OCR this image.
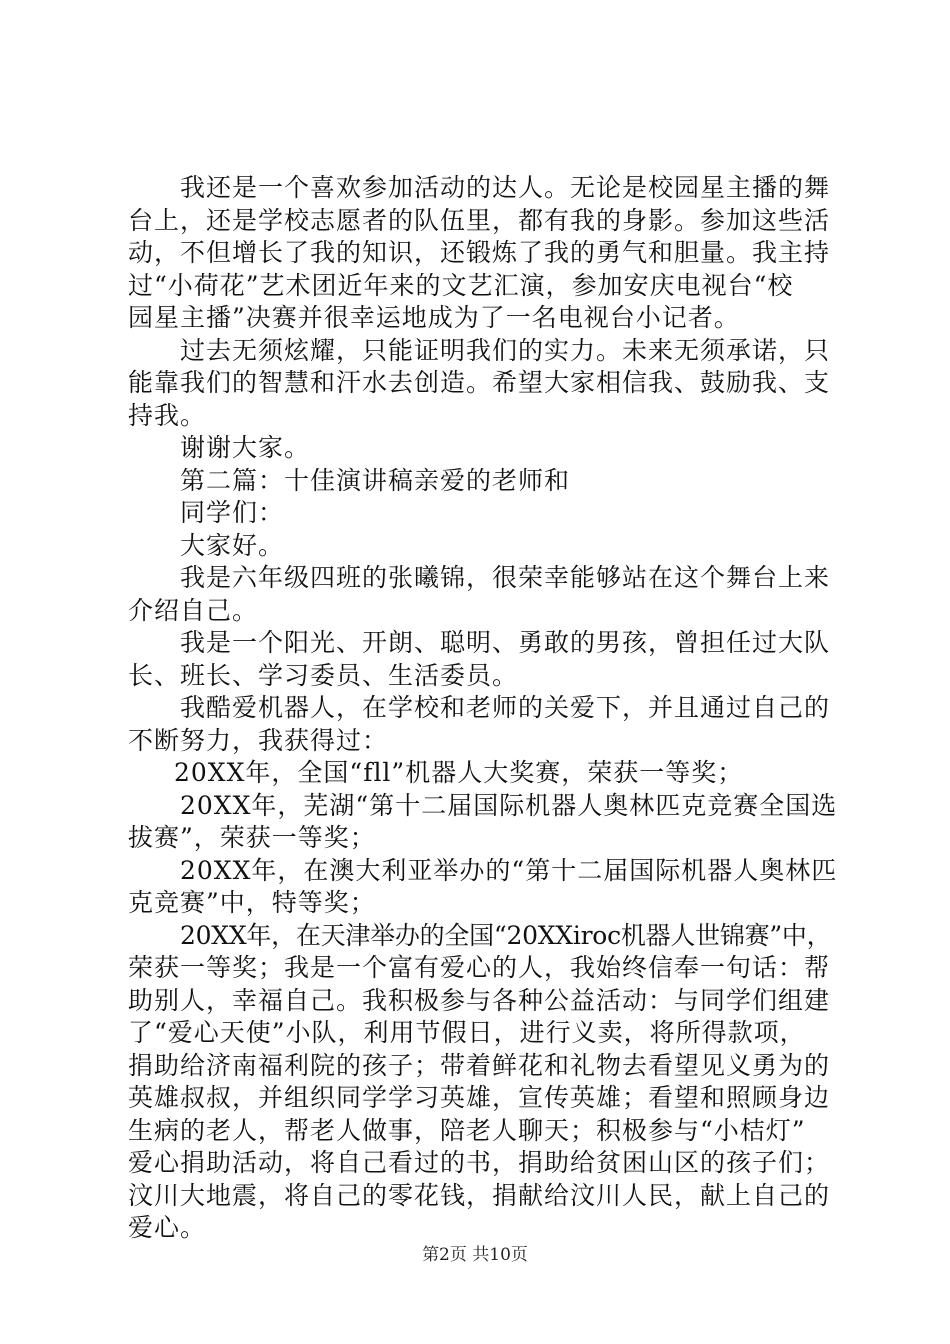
我还是一个喜欢参加活动的达人。无论是校园星主播的舞
台上，还是学校志愿者的队伍里，都有我的身影。参加这些活
动，不但增长了我的知识，还锻炼了我的勇气和胆量。我主持
过“小荷花”艺术团近年来的文艺汇演，参加安庆电视台“校
园星主播”决赛并很幸运地成为了一名电视台小记者。
过去无须炫耀，只能证明我们的实力。未来无须承诺，只
能靠我们的智慧和汗水去创造。希望大家相信我、鼓励我、支
持我。
谢谢大家。
第二篇：十佳演讲稿亲爱的老师和
同学们：
大家好。
我是六年级四班的张曦锦，很荣幸能够站在这个舞台上来
介绍自己。
我是一个阳光、开朗、聪明、勇敢的男孩，曾担任过大队
长、班长、学习委员、生活委员。
我酷爱机器人，在学校和老师的关爱下，并且通过自己的
不断努力，我获得过：
20XX年，全国“fll”机器人大奖赛，荣获一等奖；
20XX年，芜湖“第十二届国际机器人奥林匹克竞赛全国选
拔赛”，荣获一等奖；
20XX年，在澳大利亚举办的“第十二届国际机器人奥林匹
克竞赛”中，特等奖；
20XX年，在天津举办的全国“20XXiroc机器人世锦赛”中，
荣获一等奖；我是一个富有爱心的人，我始终信奉一句话：帮
助别人，幸福自己。我积极参与各种公益活动：与同学们组建
了“爱心天使”小队，利用节假日，进行义卖，将所得款项，
捐助给济南福利院的孩子；带着鲜花和礼物去看望见义勇为的
英雄叔叔，并组织同学学习英雄，宣传英雄；看望和照顾身边
生病的老人，帮老人做事，陪老人聊天；积极参与“小桔灯”
爱心捐助活动，将自己看过的书，捐助给贫困山区的孩子们；
汶川大地震，将自己的零花钱，捐献给汶川人民，献上自己的
爱心。
第2页 共10页
